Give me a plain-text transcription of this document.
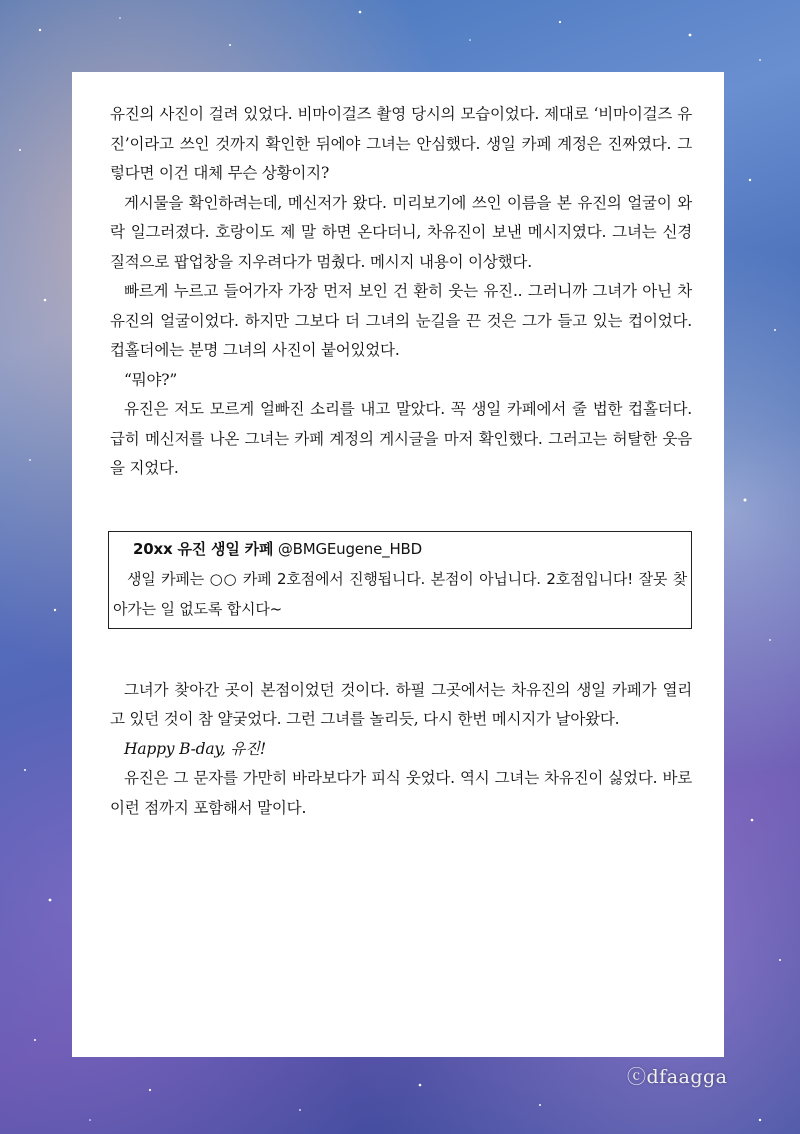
유진의 사진이 걸려 있었다. 비마이걸즈 촬영 당시의 모습이었다. 제대로 ‘비마이걸즈 유진’이라고 쓰인 것까지 확인한 뒤에야 그녀는 안심했다. 생일 카페 계정은 진짜였다. 그렇다면 이건 대체 무슨 상황이지?

게시물을 확인하려는데, 메신저가 왔다. 미리보기에 쓰인 이름을 본 유진의 얼굴이 와락 일그러졌다. 호랑이도 제 말 하면 온다더니, 차유진이 보낸 메시지였다. 그녀는 신경질적으로 팝업창을 지우려다가 멈췄다. 메시지 내용이 이상했다.

빠르게 누르고 들어가자 가장 먼저 보인 건 환히 웃는 유진.. 그러니까 그녀가 아닌 차유진의 얼굴이었다. 하지만 그보다 더 그녀의 눈길을 끈 것은 그가 들고 있는 컵이었다. 컵홀더에는 분명 그녀의 사진이 붙어있었다.

“뭐야?”

유진은 저도 모르게 얼빠진 소리를 내고 말았다. 꼭 생일 카페에서 줄 법한 컵홀더다. 급히 메신저를 나온 그녀는 카페 계정의 게시글을 마저 확인했다. 그러고는 허탈한 웃음을 지었다.

20xx 유진 생일 카페 @BMGEugene_HBD

생일 카페는 ○○ 카페 2호점에서 진행됩니다. 본점이 아닙니다. 2호점입니다! 잘못 찾아가는 일 없도록 합시다~

그녀가 찾아간 곳이 본점이었던 것이다. 하필 그곳에서는 차유진의 생일 카페가 열리고 있던 것이 참 얄궂었다. 그런 그녀를 놀리듯, 다시 한번 메시지가 날아왔다.

Happy B-day, 유진!

유진은 그 문자를 가만히 바라보다가 피식 웃었다. 역시 그녀는 차유진이 싫었다. 바로 이런 점까지 포함해서 말이다.

ⓒdfaagga
